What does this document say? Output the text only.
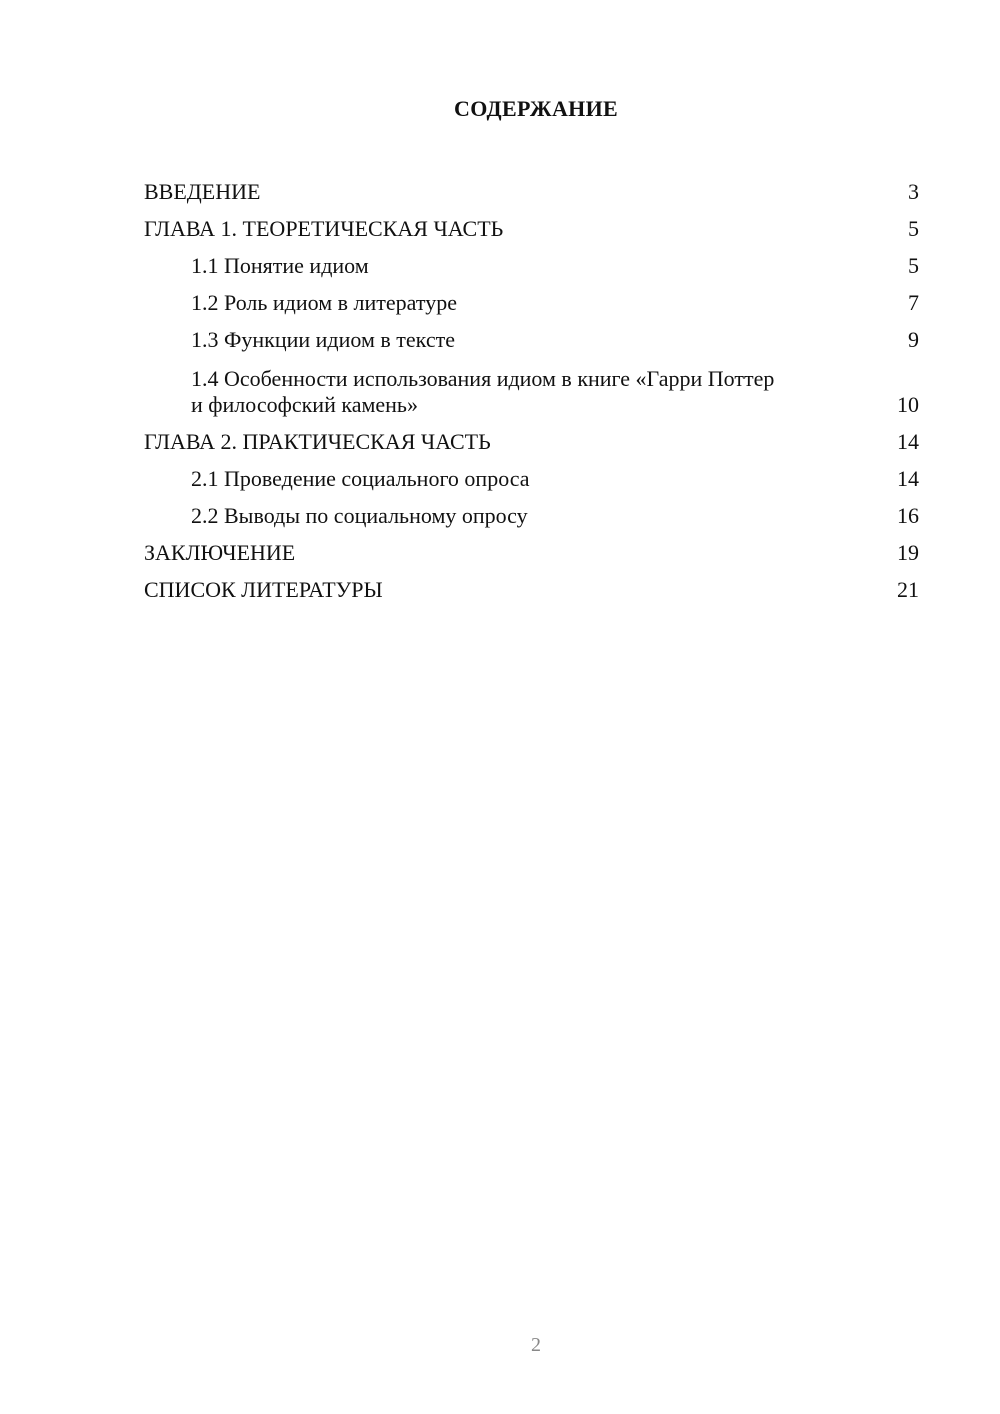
СОДЕРЖАНИЕ
ВВЕДЕНИЕ	3
ГЛАВА 1. ТЕОРЕТИЧЕСКАЯ ЧАСТЬ	5
1.1 Понятие идиом	5
1.2 Роль идиом в литературе	7
1.3 Функции идиом в тексте	9
1.4 Особенности использования идиом в книге «Гарри Поттер и философский камень»	10
ГЛАВА 2. ПРАКТИЧЕСКАЯ ЧАСТЬ	14
2.1 Проведение социального опроса	14
2.2 Выводы по социальному опросу	16
ЗАКЛЮЧЕНИЕ	19
СПИСОК ЛИТЕРАТУРЫ	21
2
